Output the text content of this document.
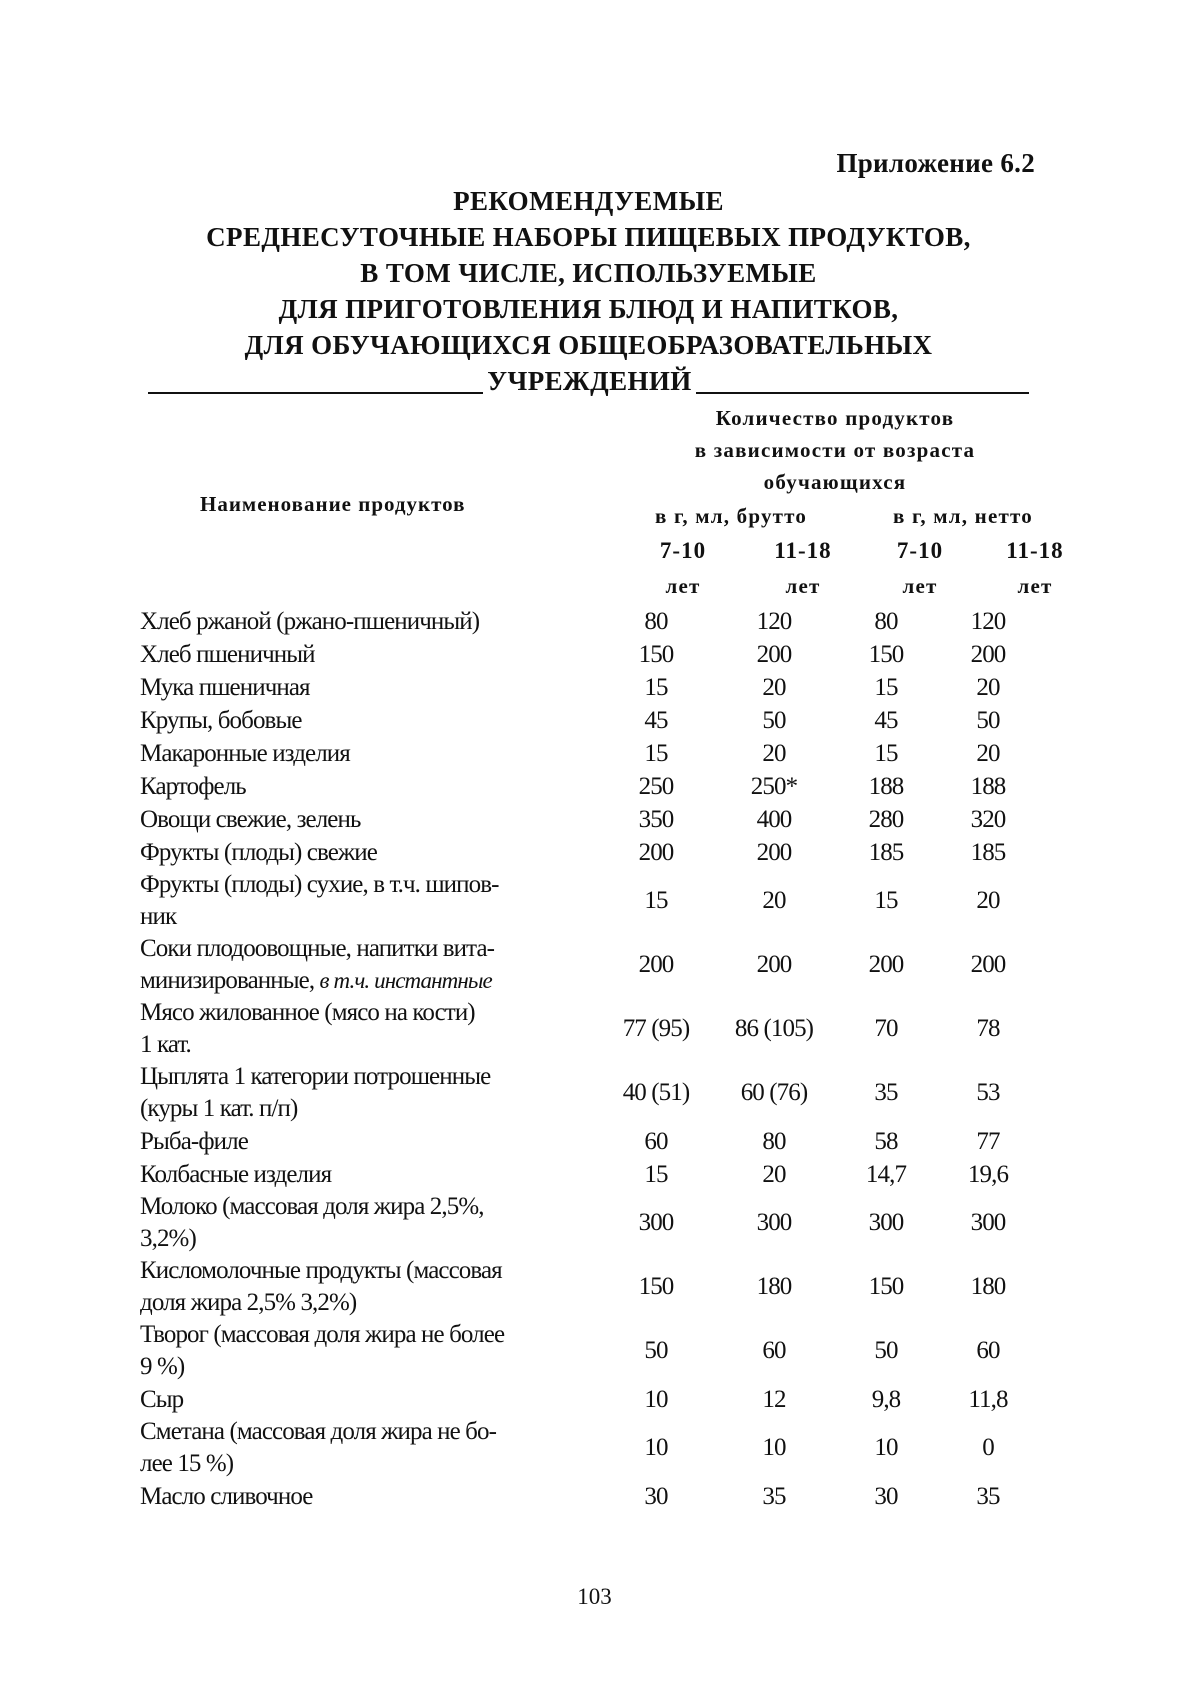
Приложение 6.2
РЕКОМЕНДУЕМЫЕ
СРЕДНЕСУТОЧНЫЕ НАБОРЫ ПИЩЕВЫХ ПРОДУКТОВ,
В ТОМ ЧИСЛЕ, ИСПОЛЬЗУЕМЫЕ
ДЛЯ ПРИГОТОВЛЕНИЯ БЛЮД И НАПИТКОВ,
ДЛЯ ОБУЧАЮЩИХСЯ ОБЩЕОБРАЗОВАТЕЛЬНЫХ
УЧРЕЖДЕНИЙ
Наименование продуктов
Количество продуктов
в зависимости от возраста
обучающихся
в г, мл, брутто	в г, мл, нетто
7-10	11-18	7-10	11-18
лет	лет	лет	лет
Хлеб ржаной (ржано-пшеничный)	80	120	80	120
Хлеб пшеничный	150	200	150	200
Мука пшеничная	15	20	15	20
Крупы, бобовые	45	50	45	50
Макаронные изделия	15	20	15	20
Картофель	250	250*	188	188
Овощи свежие, зелень	350	400	280	320
Фрукты (плоды) свежие	200	200	185	185
Фрукты (плоды) сухие, в т.ч. шипов-
ник
15	20	15	20
Соки плодоовощные, напитки вита-
минизированные, в т.ч. инстантные
200	200	200	200
Мясо жилованное (мясо на кости)
1 кат.
77 (95)	86 (105)	70	78
Цыплята 1 категории потрошенные
(куры 1 кат. п/п)
40 (51)	60 (76)	35	53
Рыба-филе	60	80	58	77
Колбасные изделия	15	20	14,7	19,6
Молоко (массовая доля жира 2,5%,
3,2%)
300	300	300	300
Кисломолочные продукты (массовая
доля жира 2,5% 3,2%)
150	180	150	180
Творог (массовая доля жира не более
9 %)
50	60	50	60
Сыр	10	12	9,8	11,8
Сметана (массовая доля жира не бо-
лее 15 %)
10	10	10	0
Масло сливочное	30	35	30	35
103
